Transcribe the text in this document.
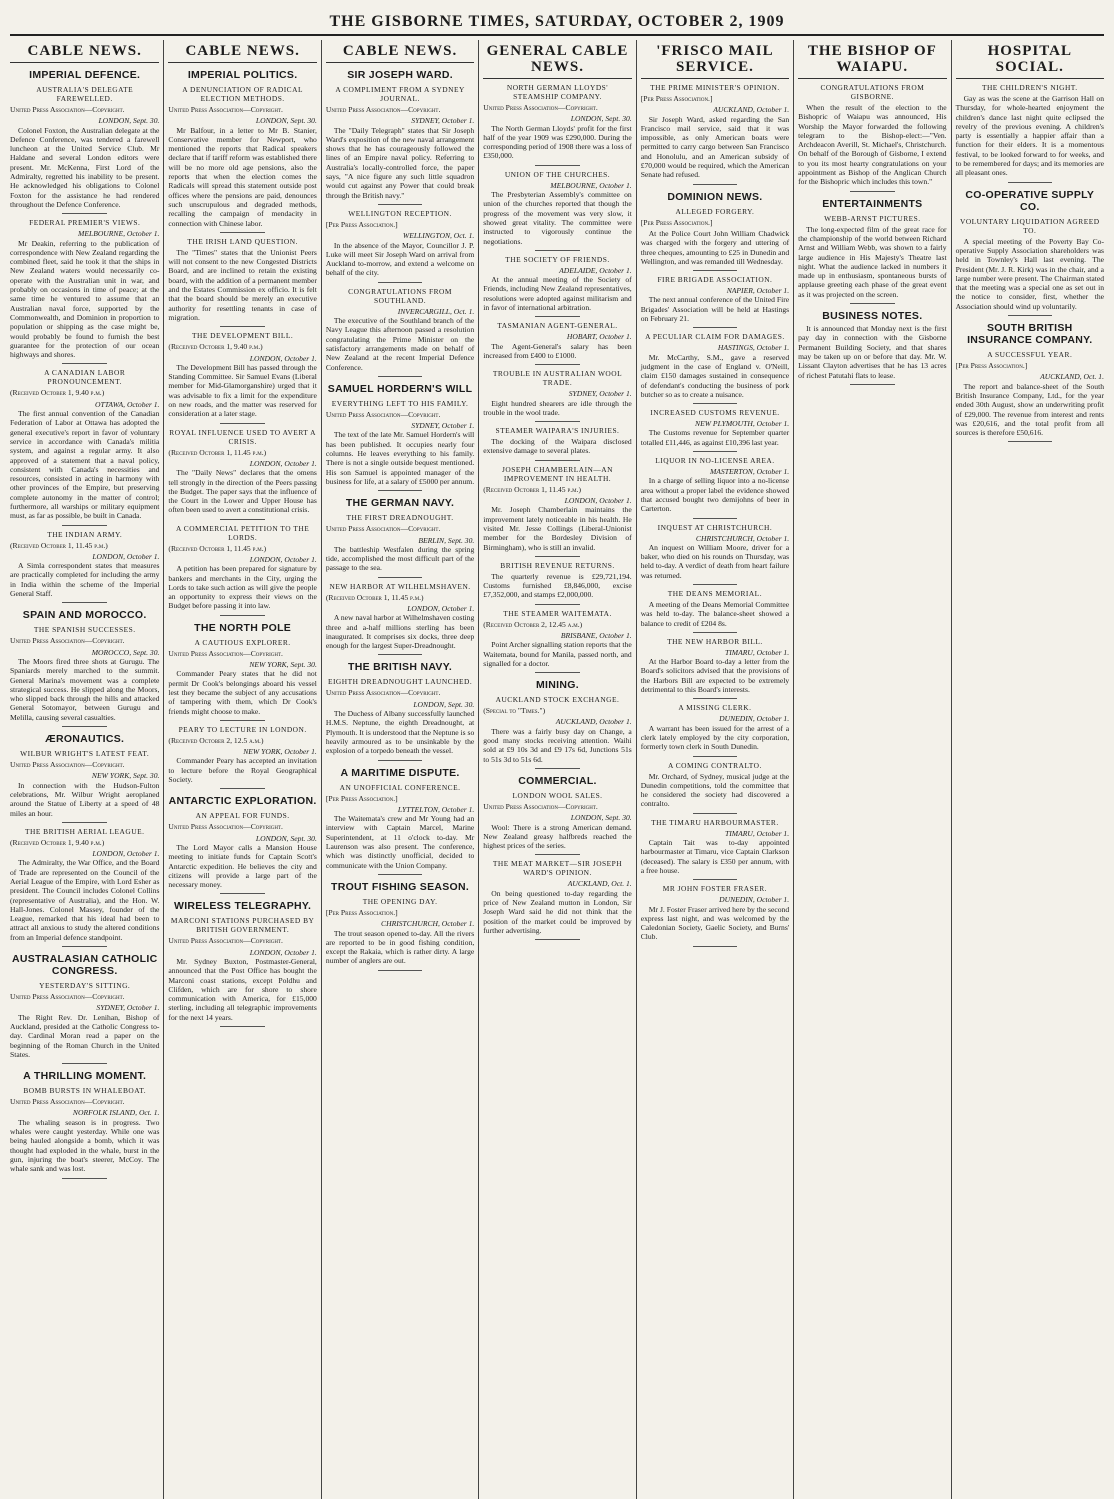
THE GISBORNE TIMES, SATURDAY, OCTOBER 2, 1909
CABLE NEWS.
IMPERIAL DEFENCE.
AUSTRALIA'S DELEGATE FAREWELLED.

United Press Association—Copyright.

LONDON, Sept. 30.

Colonel Foxton, the Australian delegate at the Defence Conference, was tendered a farewell luncheon at the United Service Club. Mr Haldane and several London editors were present. Mr. McKenna, First Lord of the Admiralty, regretted his inability to be present. He acknowledged his obligations to Colonel Foxton for the assistance he had rendered throughout the Defence Conference.

FEDERAL PREMIER'S VIEWS.

MELBOURNE, October 1.

Mr Deakin, referring to the publication of correspondence with New Zealand regarding the combined fleet, said he took it that the ships in New Zealand waters would necessarily co-operate with the Australian unit in war, and probably on occasions in time of peace; at the same time he ventured to assume that an Australian naval force, supported by the Commonwealth, and Dominion in proportion to population or shipping as the case might be, would probably be found to furnish the best guarantee for the protection of our ocean highways and shores.

A CANADIAN LABOR PRONOUNCEMENT.

(Received October 1, 9.40 p.m.)

OTTAWA, October 1.

The first annual convention of the Canadian Federation of Labor at Ottawa has adopted the general executive's report in favor of voluntary service in accordance with Canada's militia system, and against a regular army. It also approved of a statement that a naval policy, consistent with Canada's necessities and resources, consisted in acting in harmony with other provinces of the Empire, but preserving complete autonomy in the matter of control; furthermore, all warships or military equipment must, as far as possible, be built in Canada.

THE INDIAN ARMY.

(Received October 1, 11.45 p.m.)

LONDON, October 1.

A Simla correspondent states that measures are practically completed for including the army in India within the scheme of the Imperial General Staff.

SPAIN AND MOROCCO.
THE SPANISH SUCCESSES.

United Press Association—Copyright.

MOROCCO, Sept. 30.

The Moors fired three shots at Gurugu. The Spaniards merely marched to the summit. General Marina's movement was a complete strategical success. He slipped along the Moors, who slipped back through the hills and attacked General Sotomayor, between Gurugu and Melilla, causing several casualties.

ÆRONAUTICS.
WILBUR WRIGHT'S LATEST FEAT.

United Press Association—Copyright.

NEW YORK, Sept. 30.

In connection with the Hudson-Fulton celebrations, Mr. Wilbur Wright aeroplaned around the Statue of Liberty at a speed of 48 miles an hour.

THE BRITISH AERIAL LEAGUE.

(Received October 1, 9.40 p.m.)

LONDON, October 1.

The Admiralty, the War Office, and the Board of Trade are represented on the Council of the Aerial League of the Empire, with Lord Esher as president. The Council includes Colonel Collins (representative of Australia), and the Hon. W. Hall-Jones. Colonel Massey, founder of the League, remarked that his ideal had been to attract all anxious to study the altered conditions from an Imperial defence standpoint.

AUSTRALASIAN CATHOLIC CONGRESS.
YESTERDAY'S SITTING.

United Press Association—Copyright.

SYDNEY, October 1.

The Right Rev. Dr. Lenihan, Bishop of Auckland, presided at the Catholic Congress to-day. Cardinal Moran read a paper on the beginning of the Roman Church in the United States.

A THRILLING MOMENT.
BOMB BURSTS IN WHALEBOAT.

United Press Association—Copyright.

NORFOLK ISLAND, Oct. 1.

The whaling season is in progress. Two whales were caught yesterday. While one was being hauled alongside a bomb, which it was thought had exploded in the whale, burst in the gun, injuring the boat's steerer, McCoy. The whale sank and was lost.

CABLE NEWS.
IMPERIAL POLITICS.
A DENUNCIATION OF RADICAL ELECTION METHODS.

United Press Association—Copyright.

LONDON, Sept. 30.

Mr Balfour, in a letter to Mr B. Stanier, Conservative member for Newport, who mentioned the reports that Radical speakers declare that if tariff reform was established there will be no more old age pensions, also the reports that when the election comes the Radicals will spread this statement outside post offices where the pensions are paid, denounces such unscrupulous and degraded methods, recalling the campaign of mendacity in connection with Chinese labor.

THE IRISH LAND QUESTION.

The "Times" states that the Unionist Peers will not consent to the new Congested Districts Board, and are inclined to retain the existing board, with the addition of a permanent member and the Estates Commission ex officio. It is felt that the board should be merely an executive authority for resettling tenants in case of migration.

THE DEVELOPMENT BILL.

(Received October 1, 9.40 p.m.)

LONDON, October 1.

The Development Bill has passed through the Standing Committee. Sir Samuel Evans (Liberal member for Mid-Glamorganshire) urged that it was advisable to fix a limit for the expenditure on new roads, and the matter was reserved for consideration at a later stage.

ROYAL INFLUENCE USED TO AVERT A CRISIS.

(Received October 1, 11.45 p.m.)

LONDON, October 1.

The "Daily News" declares that the omens tell strongly in the direction of the Peers passing the Budget. The paper says that the influence of the Court in the Lower and Upper House has often been used to avert a constitutional crisis.

A COMMERCIAL PETITION TO THE LORDS.

(Received October 1, 11.45 p.m.)

LONDON, October 1.

A petition has been prepared for signature by bankers and merchants in the City, urging the Lords to take such action as will give the people an opportunity to express their views on the Budget before passing it into law.

THE NORTH POLE
A CAUTIOUS EXPLORER.

United Press Association—Copyright.

NEW YORK, Sept. 30.

Commander Peary states that he did not permit Dr Cook's belongings aboard his vessel lest they became the subject of any accusations of tampering with them, which Dr Cook's friends might choose to make.

PEARY TO LECTURE IN LONDON.

(Received October 2, 12.5 a.m.)

NEW YORK, October 1.

Commander Peary has accepted an invitation to lecture before the Royal Geographical Society.

ANTARCTIC EXPLORATION.
AN APPEAL FOR FUNDS.

United Press Association—Copyright.

LONDON, Sept. 30.

The Lord Mayor calls a Mansion House meeting to initiate funds for Captain Scott's Antarctic expedition. He believes the city and citizens will provide a large part of the necessary money.

WIRELESS TELEGRAPHY.
MARCONI STATIONS PURCHASED BY BRITISH GOVERNMENT.

United Press Association—Copyright.

LONDON, October 1.

Mr. Sydney Buxton, Postmaster-General, announced that the Post Office has bought the Marconi coast stations, except Poldhu and Clifden, which are for shore to shore communication with America, for £15,000 sterling, including all telegraphic improvements for the next 14 years.

CABLE NEWS.
SIR JOSEPH WARD.
A COMPLIMENT FROM A SYDNEY JOURNAL.

United Press Association—Copyright.

SYDNEY, October 1.

The "Daily Telegraph" states that Sir Joseph Ward's exposition of the new naval arrangement shows that he has courageously followed the lines of an Empire naval policy. Referring to Australia's locally-controlled force, the paper says, "A nice figure any such little squadron would cut against any Power that could break through the British navy."

WELLINGTON RECEPTION.

[Per Press Association.]

WELLINGTON, Oct. 1.

In the absence of the Mayor, Councillor J. P. Luke will meet Sir Joseph Ward on arrival from Auckland to-morrow, and extend a welcome on behalf of the city.

CONGRATULATIONS FROM SOUTHLAND.

INVERCARGILL, Oct. 1.

The executive of the Southland branch of the Navy League this afternoon passed a resolution congratulating the Prime Minister on the satisfactory arrangements made on behalf of New Zealand at the recent Imperial Defence Conference.

SAMUEL HORDERN'S WILL
EVERYTHING LEFT TO HIS FAMILY.

United Press Association—Copyright.

SYDNEY, October 1.

The text of the late Mr. Samuel Hordern's will has been published. It occupies nearly four columns. He leaves everything to his family. There is not a single outside bequest mentioned. His son Samuel is appointed manager of the business for life, at a salary of £5000 per annum.

THE GERMAN NAVY.
THE FIRST DREADNOUGHT.

United Press Association—Copyright.

BERLIN, Sept. 30.

The battleship Westfalen during the spring tide, accomplished the most difficult part of the passage to the sea.

NEW HARBOR AT WILHELMSHAVEN.

(Received October 1, 11.45 p.m.)

LONDON, October 1.

A new naval harbor at Wilhelmshaven costing three and a-half millions sterling has been inaugurated. It comprises six docks, three deep enough for the largest Super-Dreadnought.

THE BRITISH NAVY.
EIGHTH DREADNOUGHT LAUNCHED.

United Press Association—Copyright.

LONDON, Sept. 30.

The Duchess of Albany successfully launched H.M.S. Neptune, the eighth Dreadnought, at Plymouth. It is understood that the Neptune is so heavily armoured as to be unsinkable by the explosion of a torpedo beneath the vessel.

A MARITIME DISPUTE.
AN UNOFFICIAL CONFERENCE.

[Per Press Association.]

LYTTELTON, October 1.

The Waitemata's crew and Mr Young had an interview with Captain Marcel, Marine Superintendent, at 11 o'clock to-day. Mr Laurenson was also present. The conference, which was distinctly unofficial, decided to communicate with the Union Company.

TROUT FISHING SEASON.
THE OPENING DAY.

[Per Press Association.]

CHRISTCHURCH, October 1.

The trout season opened to-day. All the rivers are reported to be in good fishing condition, except the Rakaia, which is rather dirty. A large number of anglers are out.

GENERAL CABLE NEWS.
NORTH GERMAN LLOYDS' STEAMSHIP COMPANY.

United Press Association—Copyright.

LONDON, Sept. 30.

The North German Lloyds' profit for the first half of the year 1909 was £290,000. During the corresponding period of 1908 there was a loss of £350,000.

UNION OF THE CHURCHES.

MELBOURNE, October 1.

The Presbyterian Assembly's committee on union of the churches reported that though the progress of the movement was very slow, it showed great vitality. The committee were instructed to vigorously continue the negotiations.

THE SOCIETY OF FRIENDS.

ADELAIDE, October 1.

At the annual meeting of the Society of Friends, including New Zealand representatives, resolutions were adopted against militarism and in favor of international arbitration.

TASMANIAN AGENT-GENERAL.

HOBART, October 1.

The Agent-General's salary has been increased from £400 to £1000.

TROUBLE IN AUSTRALIAN WOOL TRADE.

SYDNEY, October 1.

Eight hundred shearers are idle through the trouble in the wool trade.

STEAMER WAIPARA'S INJURIES.

The docking of the Waipara disclosed extensive damage to several plates.

JOSEPH CHAMBERLAIN—AN IMPROVEMENT IN HEALTH.

(Received October 1, 11.45 p.m.)

LONDON, October 1.

Mr. Joseph Chamberlain maintains the improvement lately noticeable in his health. He visited Mr. Jesse Collings (Liberal-Unionist member for the Bordesley Division of Birmingham), who is still an invalid.

BRITISH REVENUE RETURNS.

The quarterly revenue is £29,721,194. Customs furnished £8,846,000, excise £7,352,000, and stamps £2,000,000.

THE STEAMER WAITEMATA.

(Received October 2, 12.45 a.m.)

BRISBANE, October 1.

Point Archer signalling station reports that the Waitemata, bound for Manila, passed north, and signalled for a doctor.

MINING.
AUCKLAND STOCK EXCHANGE.

(Special to "Times.")

AUCKLAND, October 1.

There was a fairly busy day on Change, a good many stocks receiving attention. Waihi sold at £9 10s 3d and £9 17s 6d, Junctions 51s to 51s 3d to 51s 6d.

COMMERCIAL.
LONDON WOOL SALES.

United Press Association—Copyright.

LONDON, Sept. 30.

Wool: There is a strong American demand. New Zealand greasy halfbreds reached the highest prices of the series.

THE MEAT MARKET—SIR JOSEPH WARD'S OPINION.

AUCKLAND, Oct. 1.

On being questioned to-day regarding the price of New Zealand mutton in London, Sir Joseph Ward said he did not think that the position of the market could be improved by further advertising.

'FRISCO MAIL SERVICE.
THE PRIME MINISTER'S OPINION.

[Per Press Association.]

AUCKLAND, October 1.

Sir Joseph Ward, asked regarding the San Francisco mail service, said that it was impossible, as only American boats were permitted to carry cargo between San Francisco and Honolulu, and an American subsidy of £70,000 would be required, which the American Senate had refused.

DOMINION NEWS.
ALLEGED FORGERY.

[Per Press Association.]

At the Police Court John William Chadwick was charged with the forgery and uttering of three cheques, amounting to £25 in Dunedin and Wellington, and was remanded till Wednesday.

FIRE BRIGADE ASSOCIATION.

NAPIER, October 1.

The next annual conference of the United Fire Brigades' Association will be held at Hastings on February 21.

A PECULIAR CLAIM FOR DAMAGES.

HASTINGS, October 1.

Mr. McCarthy, S.M., gave a reserved judgment in the case of England v. O'Neill, claim £150 damages sustained in consequence of defendant's conducting the business of pork butcher so as to create a nuisance.

INCREASED CUSTOMS REVENUE.

NEW PLYMOUTH, October 1.

The Customs revenue for September quarter totalled £11,446, as against £10,396 last year.

LIQUOR IN NO-LICENSE AREA.

MASTERTON, October 1.

In a charge of selling liquor into a no-license area without a proper label the evidence showed that accused bought two demijohns of beer in Carterton.

INQUEST AT CHRISTCHURCH.

CHRISTCHURCH, October 1.

An inquest on William Moore, driver for a baker, who died on his rounds on Thursday, was held to-day. A verdict of death from heart failure was returned.

THE DEANS MEMORIAL.

A meeting of the Deans Memorial Committee was held to-day. The balance-sheet showed a balance to credit of £204 8s.

THE NEW HARBOR BILL.

TIMARU, October 1.

At the Harbor Board to-day a letter from the Board's solicitors advised that the provisions of the Harbors Bill are expected to be extremely detrimental to this Board's interests.

A MISSING CLERK.

DUNEDIN, October 1.

A warrant has been issued for the arrest of a clerk lately employed by the city corporation, formerly town clerk in South Dunedin.

A COMING CONTRALTO.

Mr. Orchard, of Sydney, musical judge at the Dunedin competitions, told the committee that he considered the society had discovered a contralto.

THE TIMARU HARBOURMASTER.

TIMARU, October 1.

Captain Tait was to-day appointed harbourmaster at Timaru, vice Captain Clarkson (deceased). The salary is £350 per annum, with a free house.

MR JOHN FOSTER FRASER.

DUNEDIN, October 1.

Mr J. Foster Fraser arrived here by the second express last night, and was welcomed by the Caledonian Society, Gaelic Society, and Burns' Club.

THE BISHOP OF WAIAPU.
CONGRATULATIONS FROM GISBORNE.

When the result of the election to the Bishopric of Waiapu was announced, His Worship the Mayor forwarded the following telegram to the Bishop-elect:—"Ven. Archdeacon Averill, St. Michael's, Christchurch. On behalf of the Borough of Gisborne, I extend to you its most hearty congratulations on your appointment as Bishop of the Anglican Church for the Bishopric which includes this town."

ENTERTAINMENTS
WEBB-ARNST PICTURES.

The long-expected film of the great race for the championship of the world between Richard Arnst and William Webb, was shown to a fairly large audience in His Majesty's Theatre last night. What the audience lacked in numbers it made up in enthusiasm, spontaneous bursts of applause greeting each phase of the great event as it was projected on the screen.

BUSINESS NOTES.

It is announced that Monday next is the first pay day in connection with the Gisborne Permanent Building Society, and that shares may be taken up on or before that day. Mr. W. Lissant Clayton advertises that he has 13 acres of richest Patutahi flats to lease.

HOSPITAL SOCIAL.
THE CHILDREN'S NIGHT.

Gay as was the scene at the Garrison Hall on Thursday, for whole-hearted enjoyment the children's dance last night quite eclipsed the revelry of the previous evening. A children's party is essentially a happier affair than a function for their elders. It is a momentous festival, to be looked forward to for weeks, and to be remembered for days; and its memories are all pleasant ones.

CO-OPERATIVE SUPPLY CO.
VOLUNTARY LIQUIDATION AGREED TO.

A special meeting of the Poverty Bay Co-operative Supply Association shareholders was held in Townley's Hall last evening. The President (Mr. J. R. Kirk) was in the chair, and a large number were present. The Chairman stated that the meeting was a special one as set out in the notice to consider, first, whether the Association should wind up voluntarily.

SOUTH BRITISH INSURANCE COMPANY.
A SUCCESSFUL YEAR.

[Per Press Association.]

AUCKLAND, Oct. 1.

The report and balance-sheet of the South British Insurance Company, Ltd., for the year ended 30th August, show an underwriting profit of £29,000. The revenue from interest and rents was £20,616, and the total profit from all sources is therefore £50,616.
